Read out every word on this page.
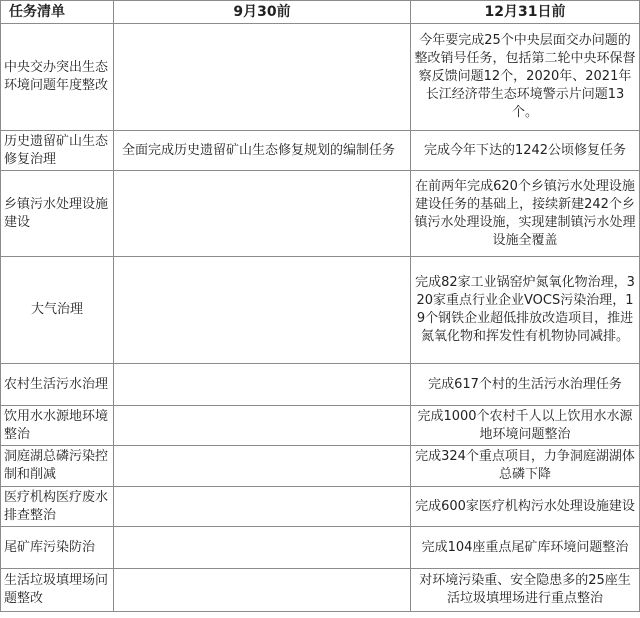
任务清单	9月30前	12月31日前
中央交办突出生态环境问题年度整改		今年要完成25个中央层面交办问题的整改销号任务，包括第二轮中央环保督察反馈问题12个，2020年、2021年长江经济带生态环境警示片问题13个。
历史遗留矿山生态修复治理	全面完成历史遗留矿山生态修复规划的编制任务	完成今年下达的1242公顷修复任务
乡镇污水处理设施建设		在前两年完成620个乡镇污水处理设施建设任务的基础上，接续新建242个乡镇污水处理设施，实现建制镇污水处理设施全覆盖
大气治理		完成82家工业锅窑炉氮氧化物治理，320家重点行业企业VOCS污染治理，19个钢铁企业超低排放改造项目，推进氮氧化物和挥发性有机物协同减排。
农村生活污水治理		完成617个村的生活污水治理任务
饮用水水源地环境整治		完成1000个农村千人以上饮用水水源地环境问题整治
洞庭湖总磷污染控制和削减		完成324个重点项目，力争洞庭湖湖体总磷下降
医疗机构医疗废水排查整治		完成600家医疗机构污水处理设施建设
尾矿库污染防治		完成104座重点尾矿库环境问题整治
生活垃圾填埋场问题整改		对环境污染重、安全隐患多的25座生活垃圾填埋场进行重点整治
